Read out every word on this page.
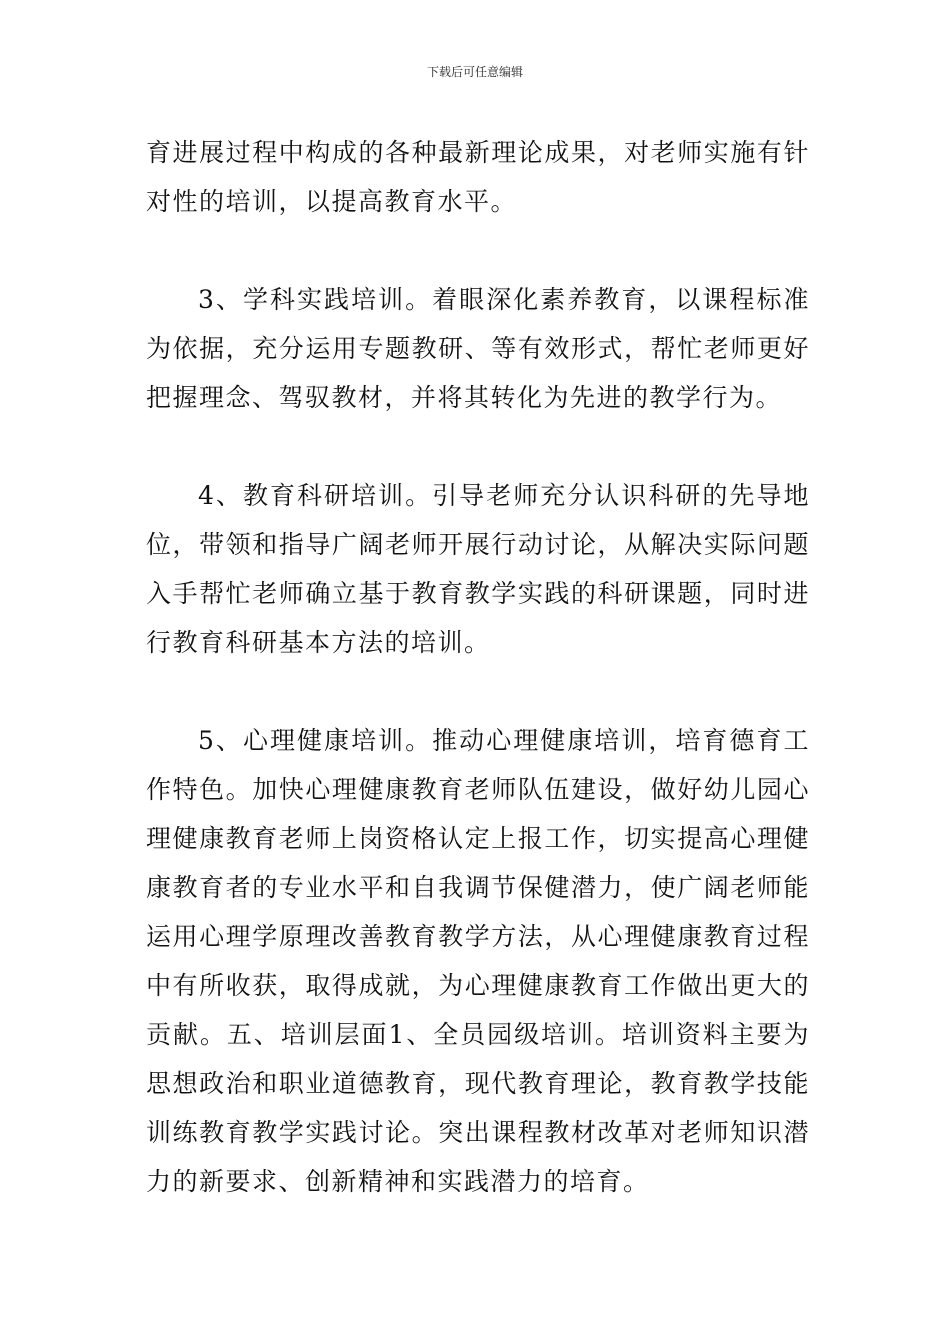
下载后可任意编辑

育进展过程中构成的各种最新理论成果，对老师实施有针对性的培训，以提高教育水平。

3、学科实践培训。着眼深化素养教育，以课程标准为依据，充分运用专题教研、等有效形式，帮忙老师更好把握理念、驾驭教材，并将其转化为先进的教学行为。

4、教育科研培训。引导老师充分认识科研的先导地位，带领和指导广阔老师开展行动讨论，从解决实际问题入手帮忙老师确立基于教育教学实践的科研课题，同时进行教育科研基本方法的培训。

5、心理健康培训。推动心理健康培训，培育德育工作特色。加快心理健康教育老师队伍建设，做好幼儿园心理健康教育老师上岗资格认定上报工作，切实提高心理健康教育者的专业水平和自我调节保健潜力，使广阔老师能运用心理学原理改善教育教学方法，从心理健康教育过程中有所收获，取得成就，为心理健康教育工作做出更大的贡献。五、培训层面1、全员园级培训。培训资料主要为思想政治和职业道德教育，现代教育理论，教育教学技能训练教育教学实践讨论。突出课程教材改革对老师知识潜力的新要求、创新精神和实践潜力的培育。
